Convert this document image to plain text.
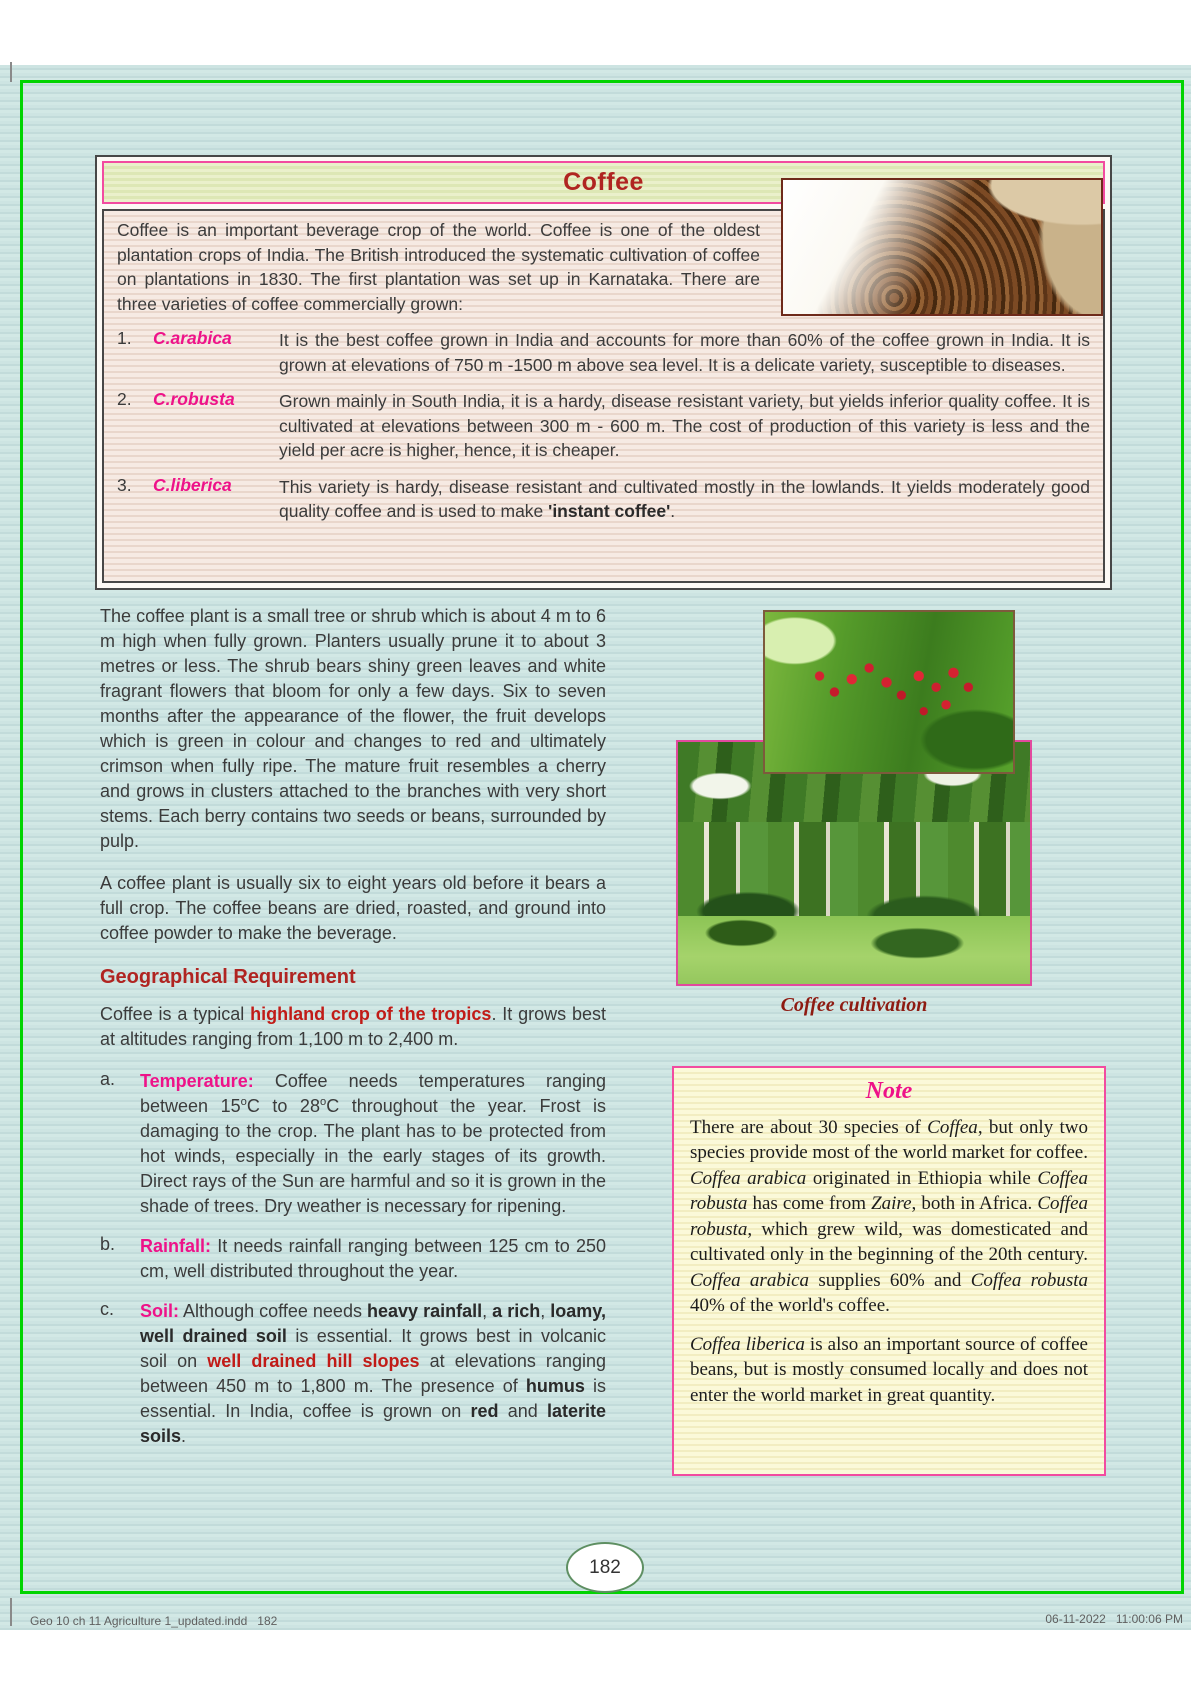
Coffee

Coffee is an important beverage crop of the world. Coffee is one of the oldest plantation crops of India. The British introduced the systematic cultivation of coffee on plantations in 1830. The first plantation was set up in Karnataka. There are three varieties of coffee commercially grown:

1.	C.arabica	It is the best coffee grown in India and accounts for more than 60% of the coffee grown in India. It is grown at elevations of 750 m -1500 m above sea level. It is a delicate variety, susceptible to diseases.
2.	C.robusta	Grown mainly in South India, it is a hardy, disease resistant variety, but yields inferior quality coffee. It is cultivated at elevations between 300 m - 600 m. The cost of production of this variety is less and the yield per acre is higher, hence, it is cheaper.
3.	C.liberica	This variety is hardy, disease resistant and cultivated mostly in the lowlands. It yields moderately good quality coffee and is used to make 'instant coffee'.

The coffee plant is a small tree or shrub which is about 4 m to 6 m high when fully grown. Planters usually prune it to about 3 metres or less. The shrub bears shiny green leaves and white fragrant flowers that bloom for only a few days. Six to seven months after the appearance of the flower, the fruit develops which is green in colour and changes to red and ultimately crimson when fully ripe. The mature fruit resembles a cherry and grows in clusters attached to the branches with very short stems. Each berry contains two seeds or beans, surrounded by pulp.

A coffee plant is usually six to eight years old before it bears a full crop. The coffee beans are dried, roasted, and ground into coffee powder to make the beverage.

Geographical Requirement

Coffee is a typical highland crop of the tropics. It grows best at altitudes ranging from 1,100 m to 2,400 m.

a.	Temperature: Coffee needs temperatures ranging between 15$^o$C to 28$^o$C throughout the year. Frost is damaging to the crop. The plant has to be protected from hot winds, especially in the early stages of its growth. Direct rays of the Sun are harmful and so it is grown in the shade of trees. Dry weather is necessary for ripening.
b.	Rainfall: It needs rainfall ranging between 125 cm to 250 cm, well distributed throughout the year.
c.	Soil: Although coffee needs heavy rainfall, a rich, loamy, well drained soil is essential. It grows best in volcanic soil on well drained hill slopes at elevations ranging between 450 m to 1,800 m. The presence of humus is essential. In India, coffee is grown on red and laterite soils.
Coffee cultivation
Note

There are about 30 species of Coffea, but only two species provide most of the world market for coffee. Coffea arabica originated in Ethiopia while Coffea robusta has come from Zaire, both in Africa. Coffea robusta, which grew wild, was domesticated and cultivated only in the beginning of the 20th century. Coffea arabica supplies 60% and Coffea robusta 40% of the world's coffee.

Coffea liberica is also an important source of coffee beans, but is mostly consumed locally and does not enter the world market in great quantity.

182
Geo 10 ch 11 Agriculture 1_updated.indd   182	06-11-2022   11:00:06 PM
